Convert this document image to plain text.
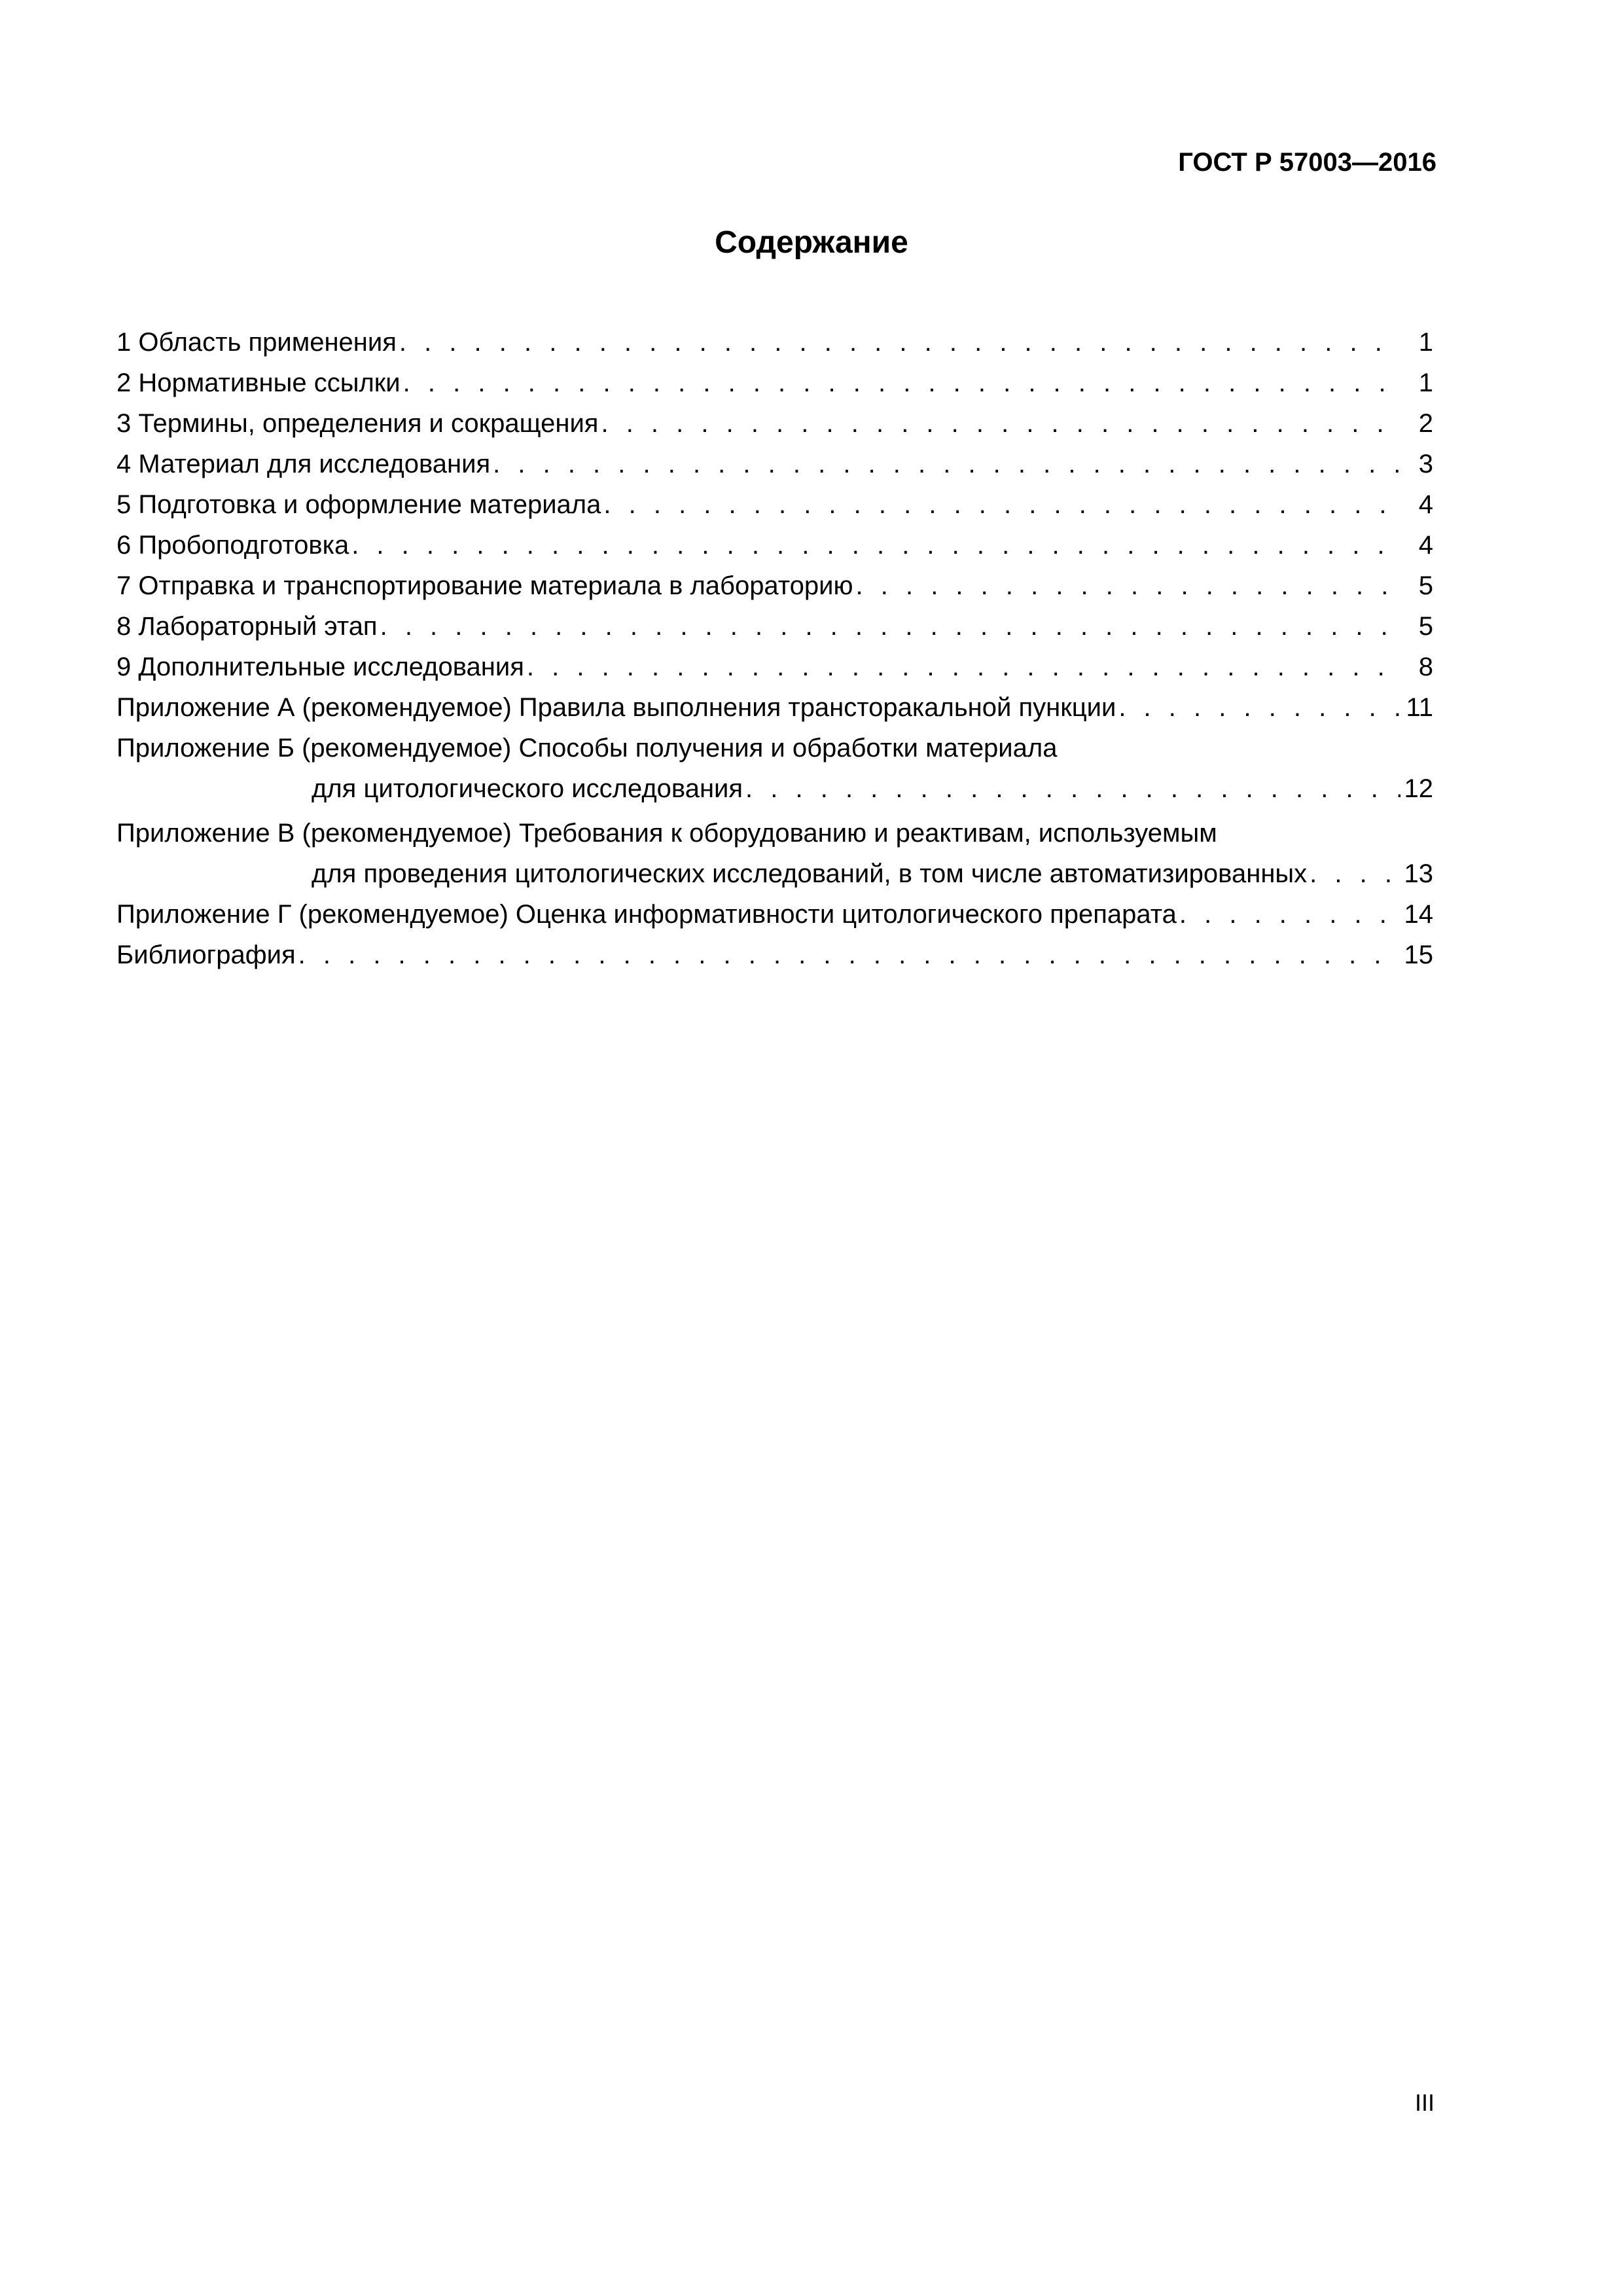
ГОСТ Р 57003—2016
Содержание
1 Область применения . . .	1
2 Нормативные ссылки . . .	1
3 Термины, определения и сокращения . . .	2
4 Материал для исследования . . .	3
5 Подготовка и оформление материала . . .	4
6 Пробоподготовка . . .	4
7 Отправка и транспортирование материала в лабораторию . . .	5
8 Лабораторный этап . . .	5
9 Дополнительные исследования . . .	8
Приложение А (рекомендуемое) Правила выполнения трансторакальной пункции . . .	11
Приложение Б (рекомендуемое) Способы получения и обработки материала
для цитологического исследования . . .	12
Приложение В (рекомендуемое) Требования к оборудованию и реактивам, используемым
для проведения цитологических исследований, в том числе автоматизированных . . .	13
Приложение Г (рекомендуемое) Оценка информативности цитологического препарата . . .	14
Библиография . . .	15
III
